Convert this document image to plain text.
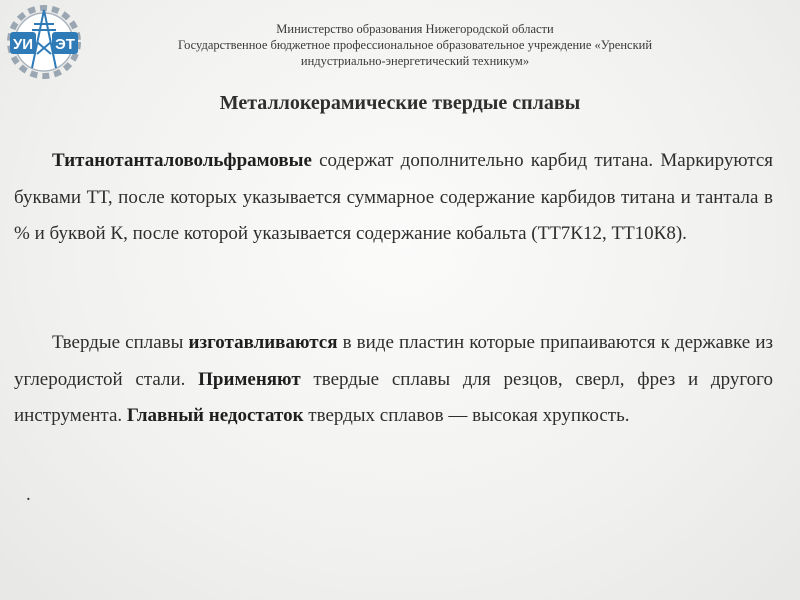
УИ ЭТ
Министерство образования Нижегородской области
Государственное бюджетное профессиональное образовательное учреждение «Уренский
индустриально-энергетический техникум»
Металлокерамические твердые сплавы
Титанотанталовольфрамовые содержат дополнительно карбид титана. Маркируются буквами ТТ, после которых указывается суммарное содержание карбидов титана и тантала в % и буквой К, после которой указывается содержание кобальта (ТТ7К12, ТТ10К8).
Твердые сплавы изготавливаются в виде пластин которые припаиваются к державке из углеродистой стали. Применяют твердые сплавы для резцов, сверл, фрез и другого инструмента. Главный недостаток твердых сплавов — высокая хрупкость.
.
